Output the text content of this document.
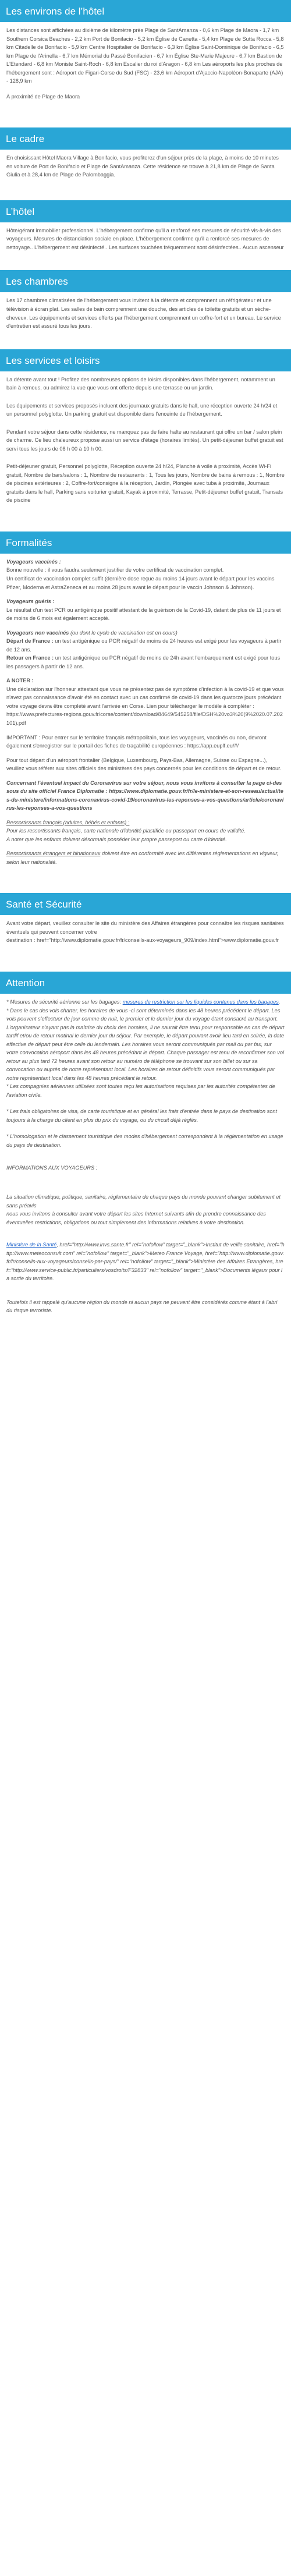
Les environs de l’hôtel

Les distances sont affichées au dixième de kilomètre près Plage de SantAmanza - 0,6 km Plage de Maora - 1,7 km Southern Corsica Beaches - 2,2 km Port de Bonifacio - 5,2 km Église de Canetta - 5,4 km Plage de Sutta Rocca - 5,8 km Citadelle de Bonifacio - 5,9 km Centre Hospitalier de Bonifacio - 6,3 km Église Saint-Dominique de Bonifacio - 6,5 km Plage de l'Arinella - 6,7 km Mémorial du Passé Bonifacien - 6,7 km Église Ste-Marie Majeure - 6,7 km Bastion de L'Etendard - 6,8 km Moniste Saint-Roch - 6,8 km Escalier du roi d'Aragon - 6,8 km Les aéroports les plus proches de l'hébergement sont : Aéroport de Figari-Corse du Sud (FSC) - 23,6 km Aéroport d'Ajaccio-Napoléon-Bonaparte (AJA) - 128,9 km

À proximité de Plage de Maora

Le cadre

En choisissant Hôtel Maora Village à Bonifacio, vous profiterez d'un séjour près de la plage, à moins de 10 minutes en voiture de Port de Bonifacio et Plage de SantAmanza. Cette résidence se trouve à 21,8 km de Plage de Santa Giulia et à 28,4 km de Plage de Palombaggia.

L’hôtel

Hôte/gérant immobilier professionnel. L'hébergement confirme qu'il a renforcé ses mesures de sécurité vis-à-vis des voyageurs. Mesures de distanciation sociale en place. L'hébergement confirme qu'il a renforcé ses mesures de nettoyage.. L'hébergement est désinfecté.. Les surfaces touchées fréquemment sont désinfectées.. Aucun ascenseur

Les chambres

Les 17 chambres climatisées de l'hébergement vous invitent à la détente et comprennent un réfrigérateur et une télévision à écran plat. Les salles de bain comprennent une douche, des articles de toilette gratuits et un sèche-cheveux. Les équipements et services offerts par l'hébergement comprennent un coffre-fort et un bureau. Le service d'entretien est assuré tous les jours.

Les services et loisirs

La détente avant tout ! Profitez des nombreuses options de loisirs disponibles dans l'hébergement, notamment un bain à remous, ou admirez la vue que vous ont offerte depuis une terrasse ou un jardin.

Les équipements et services proposés incluent des journaux gratuits dans le hall, une réception ouverte 24 h/24 et un personnel polyglotte. Un parking gratuit est disponible dans l'enceinte de l'hébergement.

Pendant votre séjour dans cette résidence, ne manquez pas de faire halte au restaurant qui offre un bar / salon plein de charme. Ce lieu chaleureux propose aussi un service d'étage (horaires limités). Un petit-déjeuner buffet gratuit est servi tous les jours de 08 h 00 à 10 h 00.

Petit-déjeuner gratuit, Personnel polyglotte, Réception ouverte 24 h/24, Planche à voile à proximité, Accès Wi-Fi gratuit, Nombre de bars/salons : 1, Nombre de restaurants : 1, Tous les jours, Nombre de bains à remous : 1, Nombre de piscines extérieures : 2, Coffre-fort/consigne à la réception, Jardin, Plongée avec tuba à proximité, Journaux gratuits dans le hall, Parking sans voiturier gratuit, Kayak à proximité, Terrasse, Petit-déjeuner buffet gratuit, Transats de piscine

Formalités
Voyageurs vaccinés :
Bonne nouvelle : il vous faudra seulement justifier de votre certificat de vaccination complet.
Un certificat de vaccination complet suffit (dernière dose reçue au moins 14 jours avant le départ pour les vaccins Pfizer, Moderna et AstraZeneca et au moins 28 jours avant le départ pour le vaccin Johnson & Johnson).
Voyageurs guéris :
Le résultat d'un test PCR ou antigénique positif attestant de la guérison de la Covid-19, datant de plus de 11 jours et de moins de 6 mois est également accepté.
Voyageurs non vaccinés (ou dont le cycle de vaccination est en cours)
Départ de France : un test antigénique ou PCR négatif de moins de 24 heures est exigé pour les voyageurs à partir de 12 ans.
Retour en France : un test antigénique ou PCR négatif de moins de 24h avant l'embarquement est exigé pour tous les passagers à partir de 12 ans.
A NOTER :
Une déclaration sur l'honneur attestant que vous ne présentez pas de symptôme d'infection à la covid-19 et que vous n'avez pas connaissance d'avoir été en contact avec un cas confirmé de covid-19 dans les quatorze jours précédant votre voyage devra être complété avant l'arrivée en Corse. Lien pour télécharger le modèle à compléter :
https://www.prefectures-regions.gouv.fr/corse/content/download/84649/545258/file/DSH%20vo3%20(9%2020.07.202101).pdf
IMPORTANT : Pour entrer sur le territoire français métropolitain, tous les voyageurs, vaccinés ou non, devront également s'enregistrer sur le portail des fiches de traçabilité européennes : https://app.euplf.eu/#/
Pour tout départ d'un aéroport frontalier (Belgique, Luxembourg, Pays-Bas, Allemagne, Suisse ou Espagne...), veuillez vous référer aux sites officiels des ministères des pays concernés pour les conditions de départ et de retour.
Concernant l'éventuel impact du Coronavirus sur votre séjour, nous vous invitons à consulter la page ci-dessous du site officiel France Diplomatie : https://www.diplomatie.gouv.fr/fr/le-ministere-et-son-reseau/actualites-du-ministere/informations-coronavirus-covid-19/coronavirus-les-reponses-a-vos-questions/article/coronavirus-les-reponses-a-vos-questions
Ressortissants français (adultes, bébés et enfants) :
Pour les ressortissants français, carte nationale d'identité plastifiée ou passeport en cours de validité.
A noter que les enfants doivent désormais posséder leur propre passeport ou carte d'identité.
Ressortissants étrangers et binationaux doivent être en conformité avec les différentes réglementations en vigueur, selon leur nationalité.
Santé et Sécurité

Avant votre départ, veuillez consulter le site du ministère des Affaires étrangères pour connaître les risques sanitaires éventuels qui peuvent concerner votre
destination : href="http://www.diplomatie.gouv.fr/fr/conseils-aux-voyageurs_909/index.html">www.diplomatie.gouv.fr

Attention
* Mesures de sécurité aérienne sur les bagages: mesures de restriction sur les liquides contenus dans les bagages.
* Dans le cas des vols charter, les horaires de vous -ci sont déterminés dans les 48 heures précédent le départ. Les vols peuvent s'effectuer de jour comme de nuit, le premier et le dernier jour du voyage étant consacré au transport. L'organisateur n'ayant pas la maîtrise du choix des horaires, il ne saurait être tenu pour responsable en cas de départ tardif et/ou de retour matinal le dernier jour du séjour. Par exemple, le départ pouvant avoir lieu tard en soirée, la date effective de départ peut être celle du lendemain. Les horaires vous seront communiqués par mail ou par fax, sur votre convocation aéroport dans les 48 heures précédant le départ. Chaque passager est tenu de reconfirmer son vol retour au plus tard 72 heures avant son retour au numéro de téléphone se trouvant sur son billet ou sur sa convocation ou auprès de notre représentant local. Les horaires de retour définitifs vous seront communiqués par notre représentant local dans les 48 heures précédant le retour.
* Les compagnies aériennes utilisées sont toutes reçu les autorisations requises par les autorités compétentes de l'aviation civile.
* Les frais obligatoires de visa, de carte touristique et en général les frais d'entrée dans le pays de destination sont toujours à la charge du client en plus du prix du voyage, ou du circuit déjà réglés.
* L'homologation et le classement touristique des modes d'hébergement correspondent à la réglementation en usage du pays de destination.
INFORMATIONS AUX VOYAGEURS :
La situation climatique, politique, sanitaire, réglementaire de chaque pays du monde pouvant changer subitement et sans préavis
nous vous invitons à consulter avant votre départ les sites Internet suivants afin de prendre connaissance des éventuelles restrictions, obligations ou tout simplement des informations relatives à votre destination.
Ministère de la Santé, href="http://www.invs.sante.fr" rel="nofollow" target="_blank">Institut de veille sanitaire, href="http://www.meteoconsult.com" rel="nofollow" target="_blank">Meteo France Voyage, href="http://www.diplomatie.gouv.fr/fr/conseils-aux-voyageurs/conseils-par-pays/" rel="nofollow" target="_blank">Ministère des Affaires Etrangères, href="http://www.service-public.fr/particuliers/vosdroits/F32833" rel="nofollow" target="_blank">Documents légaux pour la sortie du territoire.
Toutefois il est rappelé qu'aucune région du monde ni aucun pays ne peuvent être considérés comme étant à l'abri du risque terroriste.
